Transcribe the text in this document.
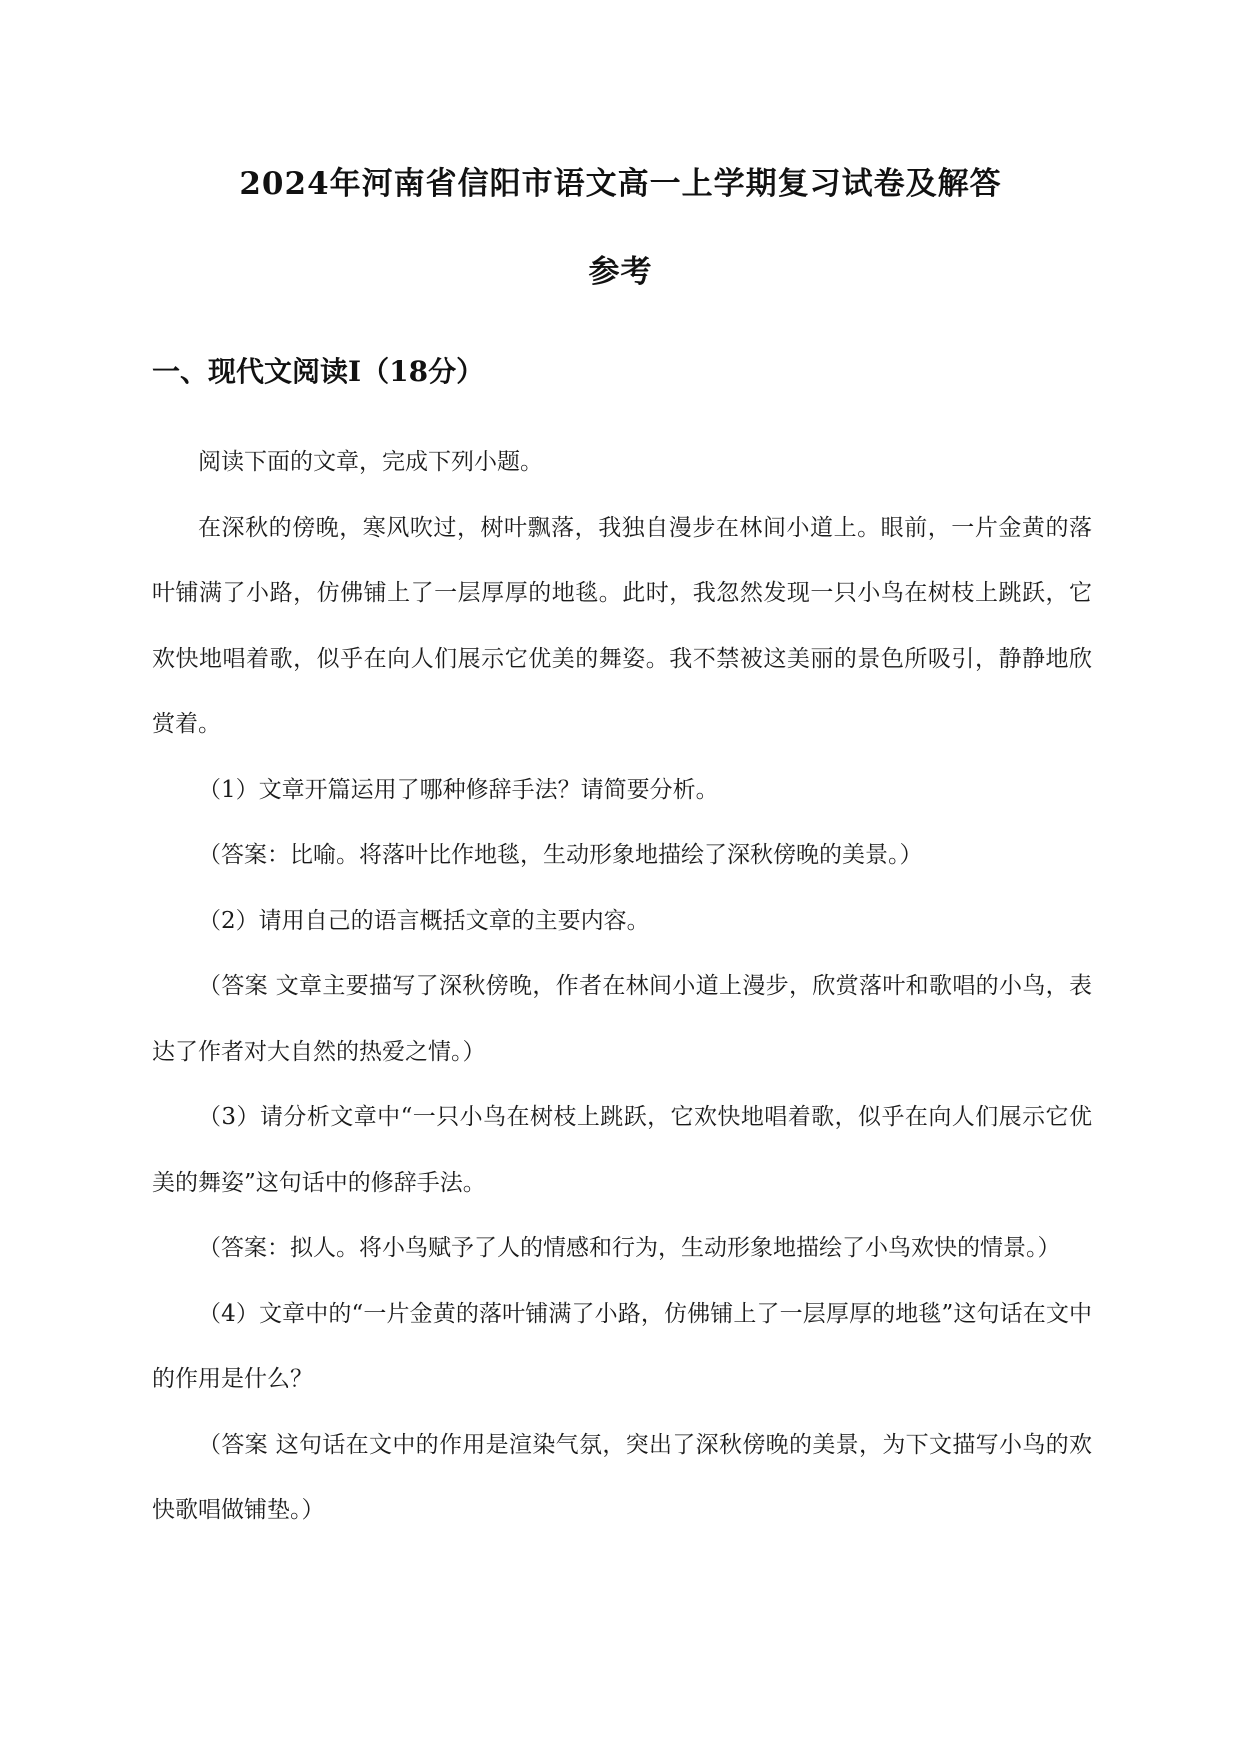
2024年河南省信阳市语文高一上学期复习试卷及解答
参考
一、现代文阅读Ⅰ（18分）

阅读下面的文章，完成下列小题。

在深秋的傍晚，寒风吹过，树叶飘落，我独自漫步在林间小道上。眼前，一片金黄的落叶铺满了小路，仿佛铺上了一层厚厚的地毯。此时，我忽然发现一只小鸟在树枝上跳跃，它欢快地唱着歌，似乎在向人们展示它优美的舞姿。我不禁被这美丽的景色所吸引，静静地欣赏着。

（1）文章开篇运用了哪种修辞手法？请简要分析。

（答案：比喻。将落叶比作地毯，生动形象地描绘了深秋傍晚的美景。）

（2）请用自己的语言概括文章的主要内容。

（答案 文章主要描写了深秋傍晚，作者在林间小道上漫步，欣赏落叶和歌唱的小鸟，表达了作者对大自然的热爱之情。）

（3）请分析文章中“一只小鸟在树枝上跳跃，它欢快地唱着歌，似乎在向人们展示它优美的舞姿”这句话中的修辞手法。

（答案：拟人。将小鸟赋予了人的情感和行为，生动形象地描绘了小鸟欢快的情景。）

（4）文章中的“一片金黄的落叶铺满了小路，仿佛铺上了一层厚厚的地毯”这句话在文中的作用是什么？

（答案 这句话在文中的作用是渲染气氛，突出了深秋傍晚的美景，为下文描写小鸟的欢快歌唱做铺垫。）
